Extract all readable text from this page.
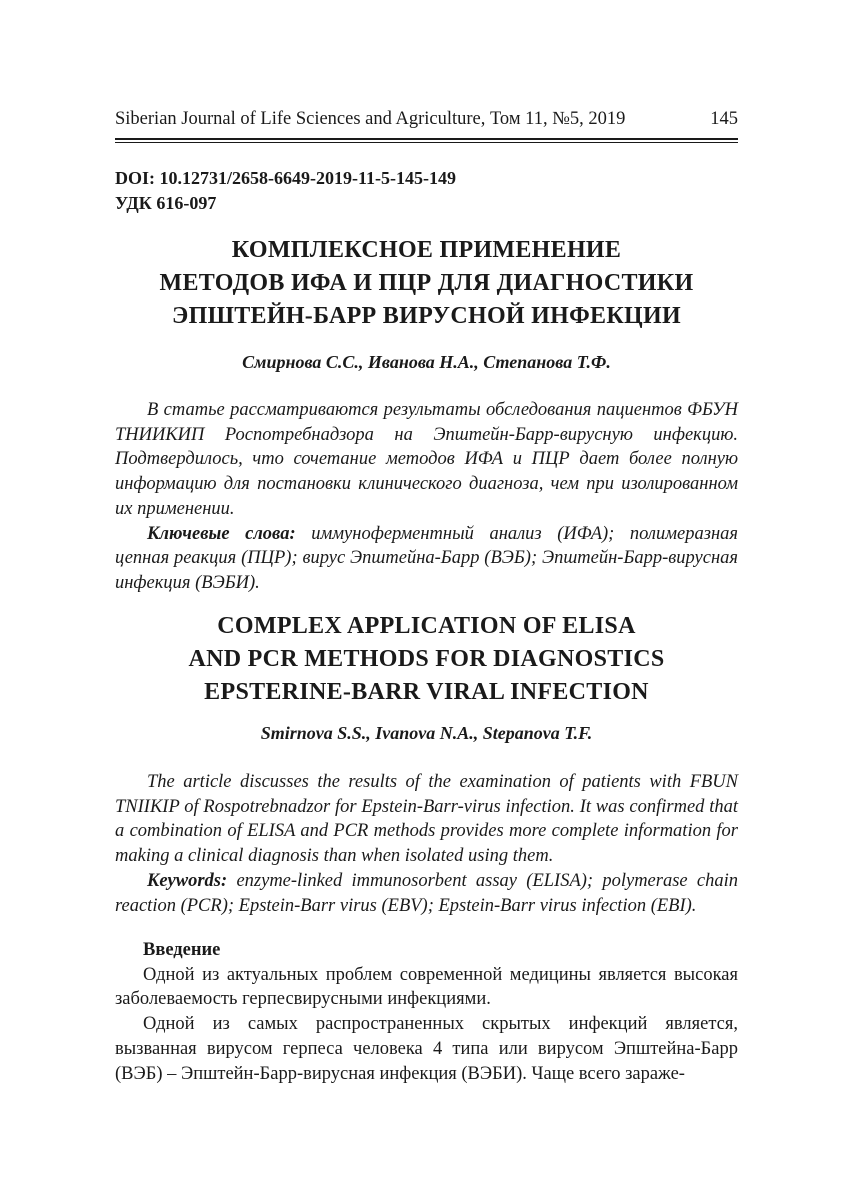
Siberian Journal of Life Sciences and Agriculture, Том 11, №5, 2019	145
DOI: 10.12731/2658-6649-2019-11-5-145-149
УДК 616-097
КОМПЛЕКСНОЕ ПРИМЕНЕНИЕ
МЕТОДОВ ИФА И ПЦР ДЛЯ ДИАГНОСТИКИ
ЭПШТЕЙН-БАРР ВИРУСНОЙ ИНФЕКЦИИ
Смирнова С.С., Иванова Н.А., Степанова Т.Ф.

В статье рассматриваются результаты обследования пациентов ФБУН ТНИИКИП Роспотребнадзора на Эпштейн-Барр-вирусную инфекцию. Подтвердилось, что сочетание методов ИФА и ПЦР дает более полную информацию для постановки клинического диагноза, чем при изолированном их применении.

Ключевые слова: иммуноферментный анализ (ИФА); полимеразная цепная реакция (ПЦР); вирус Эпштейна-Барр (ВЭБ); Эпштейн-Барр-вирусная инфекция (ВЭБИ).

COMPLEX APPLICATION OF ELISA
AND PCR METHODS FOR DIAGNOSTICS
EPSTERINE-BARR VIRAL INFECTION
Smirnova S.S., Ivanova N.A., Stepanova T.F.

The article discusses the results of the examination of patients with FBUN TNIIKIP of Rospotrebnadzor for Epstein-Barr-virus infection. It was confirmed that a combination of ELISA and PCR methods provides more complete information for making a clinical diagnosis than when isolated using them.

Keywords: enzyme-linked immunosorbent assay (ELISA); polymerase chain reaction (PCR); Epstein-Barr virus (EBV); Epstein-Barr virus infection (EBI).

Введение

Одной из актуальных проблем современной медицины является высокая заболеваемость герпесвирусными инфекциями.

Одной из самых распространенных скрытых инфекций является, вызванная вирусом герпеса человека 4 типа или вирусом Эпштейна-Барр (ВЭБ) – Эпштейн-Барр-вирусная инфекция (ВЭБИ). Чаще всего зараже-
